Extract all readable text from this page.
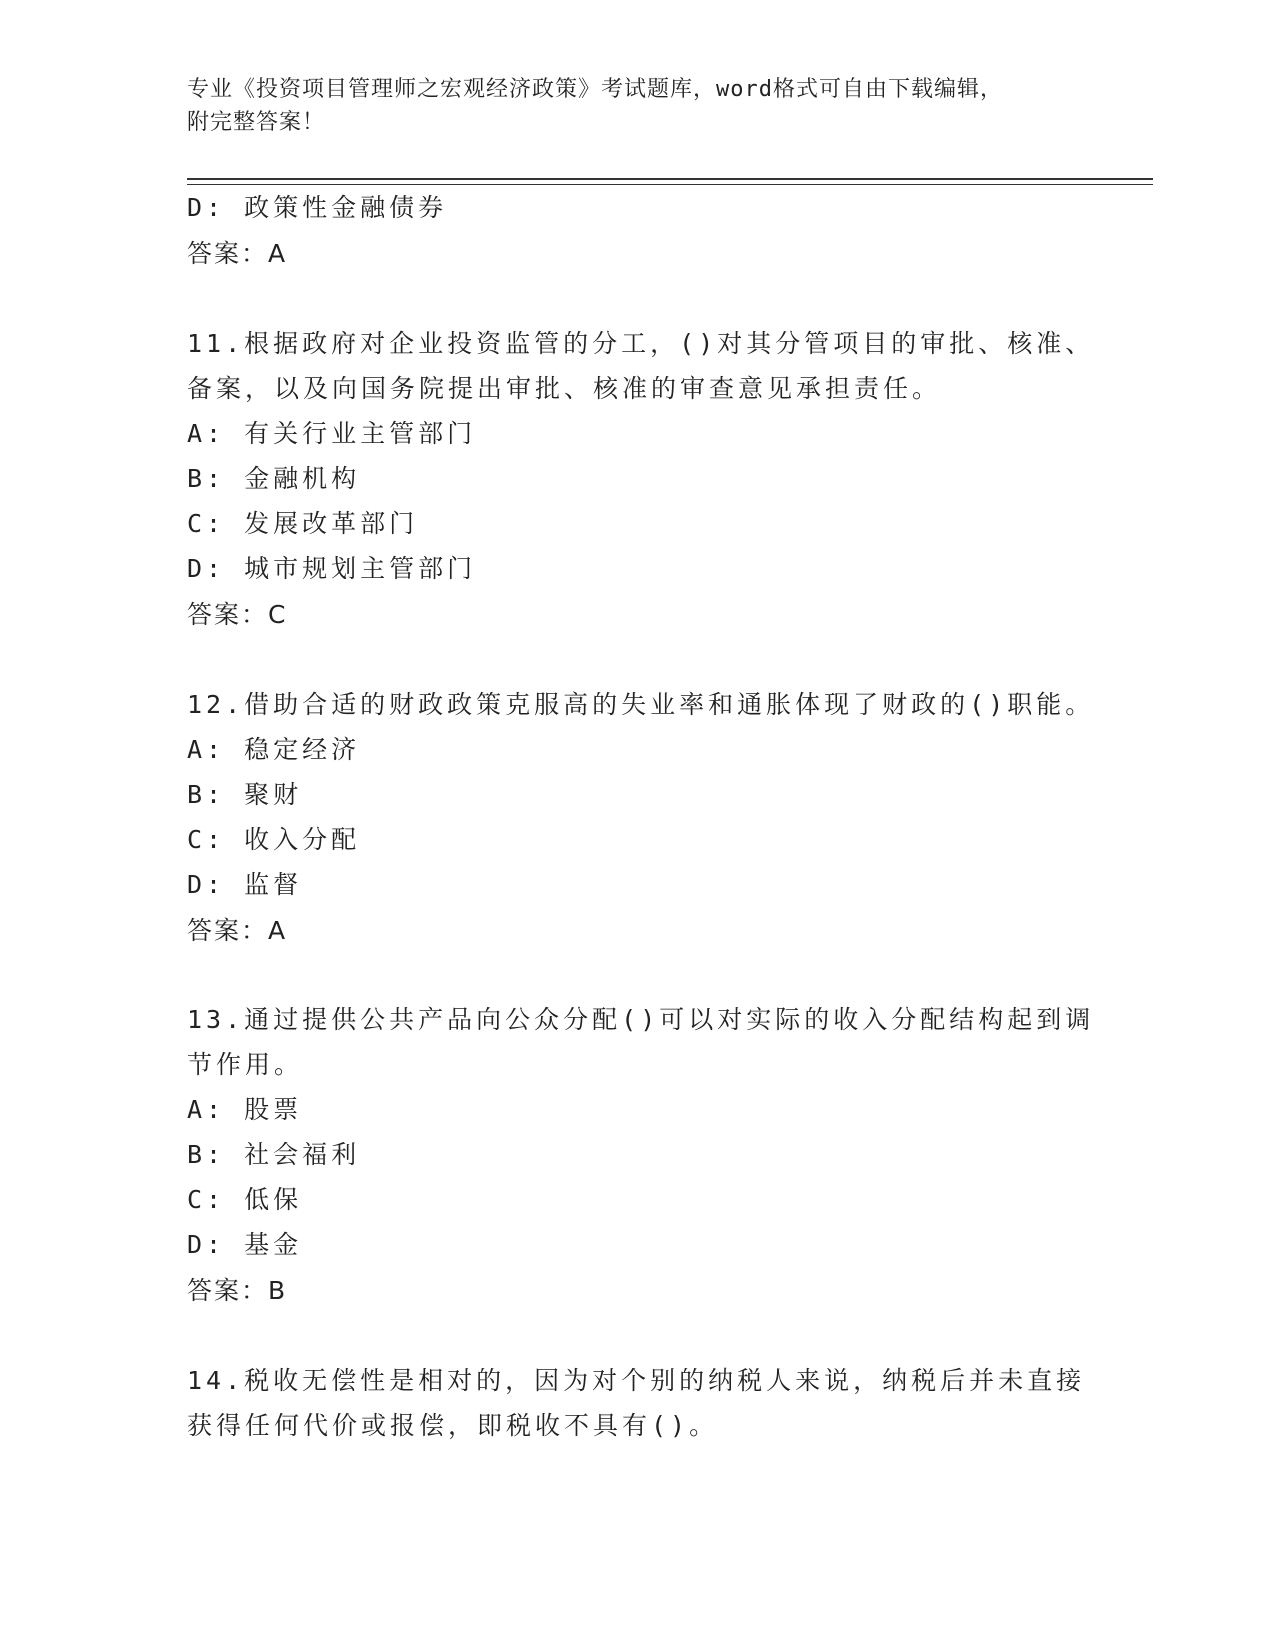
专业《投资项目管理师之宏观经济政策》考试题库，word格式可自由下载编辑，
附完整答案！
D: 政策性金融债券
答案：A
11.根据政府对企业投资监管的分工，()对其分管项目的审批、核准、
备案，以及向国务院提出审批、核准的审查意见承担责任。
A: 有关行业主管部门
B: 金融机构
C: 发展改革部门
D: 城市规划主管部门
答案：C
12.借助合适的财政政策克服高的失业率和通胀体现了财政的()职能。
A: 稳定经济
B: 聚财
C: 收入分配
D: 监督
答案：A
13.通过提供公共产品向公众分配()可以对实际的收入分配结构起到调
节作用。
A: 股票
B: 社会福利
C: 低保
D: 基金
答案：B
14.税收无偿性是相对的，因为对个别的纳税人来说，纳税后并未直接
获得任何代价或报偿，即税收不具有()。
